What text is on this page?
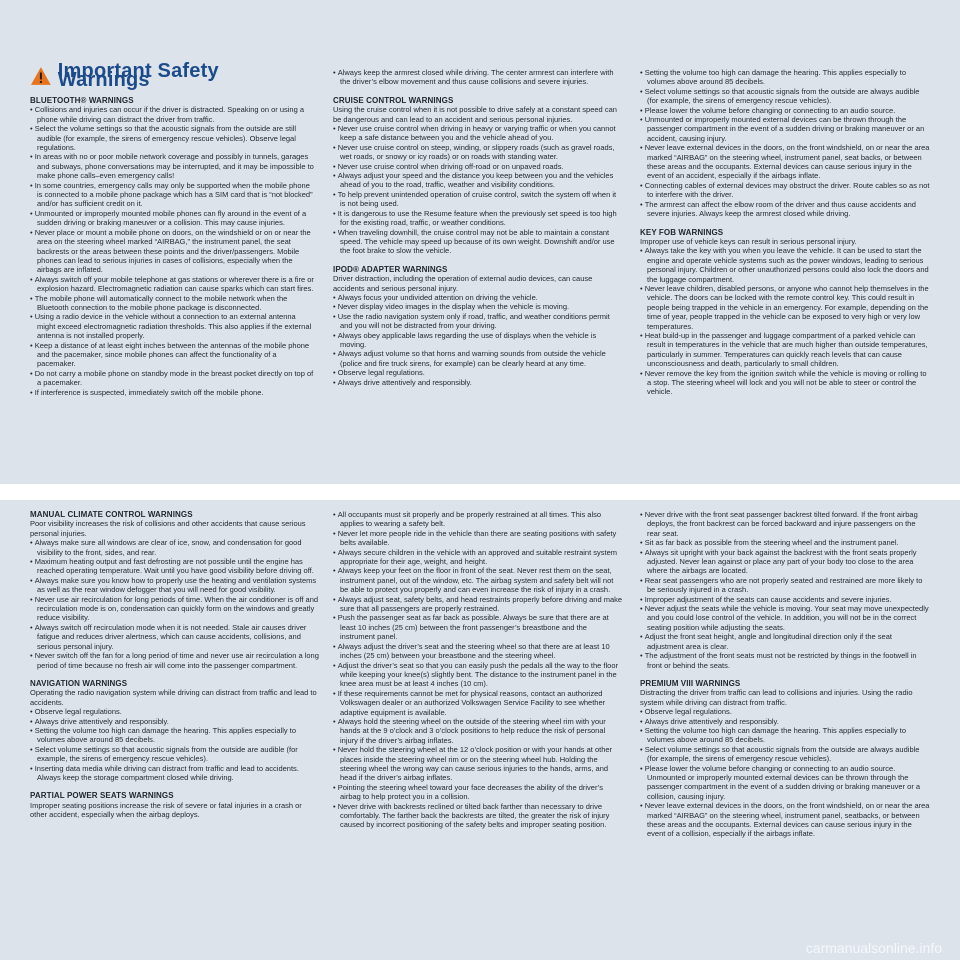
Important Safety Warnings

BLUETOOTH® WARNINGS

• Collisions and injuries can occur if the driver is distracted. Speaking on or using a phone while driving can distract the driver from traffic.

• Select the volume settings so that the acoustic signals from the outside are still audible (for example, the sirens of emergency rescue vehicles). Observe legal regulations.

• In areas with no or poor mobile network coverage and possibly in tunnels, garages and subways, phone conversations may be interrupted, and it may be impossible to make phone calls–even emergency calls!

• In some countries, emergency calls may only be supported when the mobile phone is connected to a mobile phone package which has a SIM card that is “not blocked” and/or has sufficient credit on it.

• Unmounted or improperly mounted mobile phones can fly around in the event of a sudden driving or braking maneuver or a collision. This may cause injuries.

• Never place or mount a mobile phone on doors, on the windshield or on or near the area on the steering wheel marked “AIRBAG,” the instrument panel, the seat backrests or the areas between these points and the driver/passengers. Mobile phones can lead to serious injuries in cases of collisions, especially when the airbags are inflated.

• Always switch off your mobile telephone at gas stations or wherever there is a fire or explosion hazard. Electromagnetic radiation can cause sparks which can start fires.

• The mobile phone will automatically connect to the mobile network when the Bluetooth connection to the mobile phone package is disconnected.

• Using a radio device in the vehicle without a connection to an external antenna might exceed electromagnetic radiation thresholds. This also applies if the external antenna is not installed properly.

• Keep a distance of at least eight inches between the antennas of the mobile phone and the pacemaker, since mobile phones can affect the functionality of a pacemaker.

• Do not carry a mobile phone on standby mode in the breast pocket directly on top of a pacemaker.

• If interference is suspected, immediately switch off the mobile phone.

• Always keep the armrest closed while driving. The center armrest can interfere with the driver’s elbow movement and thus cause collisions and severe injuries.

CRUISE CONTROL WARNINGS

Using the cruise control when it is not possible to drive safely at a constant speed can be dangerous and can lead to an accident and serious personal injuries.

• Never use cruise control when driving in heavy or varying traffic or when you cannot keep a safe distance between you and the vehicle ahead of you.

• Never use cruise control on steep, winding, or slippery roads (such as gravel roads, wet roads, or snowy or icy roads) or on roads with standing water.

• Never use cruise control when driving off-road or on unpaved roads.

• Always adjust your speed and the distance you keep between you and the vehicles ahead of you to the road, traffic, weather and visibility conditions.

• To help prevent unintended operation of cruise control, switch the system off when it is not being used.

• It is dangerous to use the Resume feature when the previously set speed is too high for the existing road, traffic, or weather conditions.

• When traveling downhill, the cruise control may not be able to maintain a constant speed. The vehicle may speed up because of its own weight. Downshift and/or use the foot brake to slow the vehicle.

IPOD® ADAPTER WARNINGS

Driver distraction, including the operation of external audio devices, can cause accidents and serious personal injury.

• Always focus your undivided attention on driving the vehicle.

• Never display video images in the display when the vehicle is moving.

• Use the radio navigation system only if road, traffic, and weather conditions permit and you will not be distracted from your driving.

• Always obey applicable laws regarding the use of displays when the vehicle is moving.

• Always adjust volume so that horns and warning sounds from outside the vehicle (police and fire truck sirens, for example) can be clearly heard at any time.

• Observe legal regulations.

• Always drive attentively and responsibly.

• Setting the volume too high can damage the hearing. This applies especially to volumes above around 85 decibels.

• Select volume settings so that acoustic signals from the outside are always audible (for example, the sirens of emergency rescue vehicles).

• Please lower the volume before changing or connecting to an audio source.

• Unmounted or improperly mounted external devices can be thrown through the passenger compartment in the event of a sudden driving or braking maneuver or an accident, causing injury.

• Never leave external devices in the doors, on the front windshield, on or near the area marked “AIRBAG” on the steering wheel, instrument panel, seat backs, or between these areas and the occupants. External devices can cause serious injury in the event of an accident, especially if the airbags inflate.

• Connecting cables of external devices may obstruct the driver. Route cables so as not to interfere with the driver.

• The armrest can affect the elbow room of the driver and thus cause accidents and severe injuries. Always keep the armrest closed while driving.

KEY FOB WARNINGS

Improper use of vehicle keys can result in serious personal injury.

• Always take the key with you when you leave the vehicle. It can be used to start the engine and operate vehicle systems such as the power windows, leading to serious personal injury. Children or other unauthorized persons could also lock the doors and the luggage compartment.

• Never leave children, disabled persons, or anyone who cannot help themselves in the vehicle. The doors can be locked with the remote control key. This could result in people being trapped in the vehicle in an emergency. For example, depending on the time of year, people trapped in the vehicle can be exposed to very high or very low temperatures.

• Heat build-up in the passenger and luggage compartment of a parked vehicle can result in temperatures in the vehicle that are much higher than outside temperatures, particularly in summer. Temperatures can quickly reach levels that can cause unconsciousness and death, particularly to small children.

• Never remove the key from the ignition switch while the vehicle is moving or rolling to a stop. The steering wheel will lock and you will not be able to steer or control the vehicle.

MANUAL CLIMATE CONTROL WARNINGS

Poor visibility increases the risk of collisions and other accidents that cause serious personal injuries.

• Always make sure all windows are clear of ice, snow, and condensation for good visibility to the front, sides, and rear.

• Maximum heating output and fast defrosting are not possible until the engine has reached operating temperature. Wait until you have good visibility before driving off.

• Always make sure you know how to properly use the heating and ventilation systems as well as the rear window defogger that you will need for good visibility.

• Never use air recirculation for long periods of time. When the air conditioner is off and recirculation mode is on, condensation can quickly form on the windows and greatly reduce visibility.

• Always switch off recirculation mode when it is not needed. Stale air causes driver fatigue and reduces driver alertness, which can cause accidents, collisions, and serious personal injury.

• Never switch off the fan for a long period of time and never use air recirculation a long period of time because no fresh air will come into the passenger compartment.

NAVIGATION WARNINGS

Operating the radio navigation system while driving can distract from traffic and lead to accidents.

• Observe legal regulations.

• Always drive attentively and responsibly.

• Setting the volume too high can damage the hearing. This applies especially to volumes above around 85 decibels.

• Select volume settings so that acoustic signals from the outside are audible (for example, the sirens of emergency rescue vehicles).

• Inserting data media while driving can distract from traffic and lead to accidents. Always keep the storage compartment closed while driving.

PARTIAL POWER SEATS WARNINGS

Improper seating positions increase the risk of severe or fatal injuries in a crash or other accident, especially when the airbag deploys.

• All occupants must sit properly and be properly restrained at all times. This also applies to wearing a safety belt.

• Never let more people ride in the vehicle than there are seating positions with safety belts available.

• Always secure children in the vehicle with an approved and suitable restraint system appropriate for their age, weight, and height.

• Always keep your feet on the floor in front of the seat. Never rest them on the seat, instrument panel, out of the window, etc. The airbag system and safety belt will not be able to protect you properly and can even increase the risk of injury in a crash.

• Always adjust seat, safety belts, and head restraints properly before driving and make sure that all passengers are properly restrained.

• Push the passenger seat as far back as possible. Always be sure that there are at least 10 inches (25 cm) between the front passenger’s breastbone and the instrument panel.

• Always adjust the driver’s seat and the steering wheel so that there are at least 10 inches (25 cm) between your breastbone and the steering wheel.

• Adjust the driver’s seat so that you can easily push the pedals all the way to the floor while keeping your knee(s) slightly bent. The distance to the instrument panel in the knee area must be at least 4 inches (10 cm).

• If these requirements cannot be met for physical reasons, contact an authorized Volkswagen dealer or an authorized Volkswagen Service Facility to see whether adaptive equipment is available.

• Always hold the steering wheel on the outside of the steering wheel rim with your hands at the 9 o’clock and 3 o’clock positions to help reduce the risk of personal injury if the driver’s airbag inflates.

• Never hold the steering wheel at the 12 o’clock position or with your hands at other places inside the steering wheel rim or on the steering wheel hub. Holding the steering wheel the wrong way can cause serious injuries to the hands, arms, and head if the driver’s airbag inflates.

• Pointing the steering wheel toward your face decreases the ability of the driver’s airbag to help protect you in a collision.

• Never drive with backrests reclined or tilted back farther than necessary to drive comfortably. The farther back the backrests are tilted, the greater the risk of injury caused by incorrect positioning of the safety belts and improper seating position.

• Never drive with the front seat passenger backrest tilted forward. If the front airbag deploys, the front backrest can be forced backward and injure passengers on the rear seat.

• Sit as far back as possible from the steering wheel and the instrument panel.

• Always sit upright with your back against the backrest with the front seats properly adjusted. Never lean against or place any part of your body too close to the area where the airbags are located.

• Rear seat passengers who are not properly seated and restrained are more likely to be seriously injured in a crash.

• Improper adjustment of the seats can cause accidents and severe injuries.

• Never adjust the seats while the vehicle is moving. Your seat may move unexpectedly and you could lose control of the vehicle. In addition, you will not be in the correct seating position while adjusting the seats.

• Adjust the front seat height, angle and longitudinal direction only if the seat adjustment area is clear.

• The adjustment of the front seats must not be restricted by things in the footwell in front or behind the seats.

PREMIUM VIII WARNINGS

Distracting the driver from traffic can lead to collisions and injuries. Using the radio system while driving can distract from traffic.

• Observe legal regulations.

• Always drive attentively and responsibly.

• Setting the volume too high can damage the hearing. This applies especially to volumes above around 85 decibels.

• Select volume settings so that acoustic signals from the outside are always audible (for example, the sirens of emergency rescue vehicles).

• Please lower the volume before changing or connecting to an audio source. Unmounted or improperly mounted external devices can be thrown through the passenger compartment in the event of a sudden driving or braking maneuver or a collision, causing injury.

• Never leave external devices in the doors, on the front windshield, on or near the area marked “AIRBAG” on the steering wheel, instrument panel, seatbacks, or between these areas and the occupants. External devices can cause serious injury in the event of a collision, especially if the airbags inflate.

carmanualsonline.info
